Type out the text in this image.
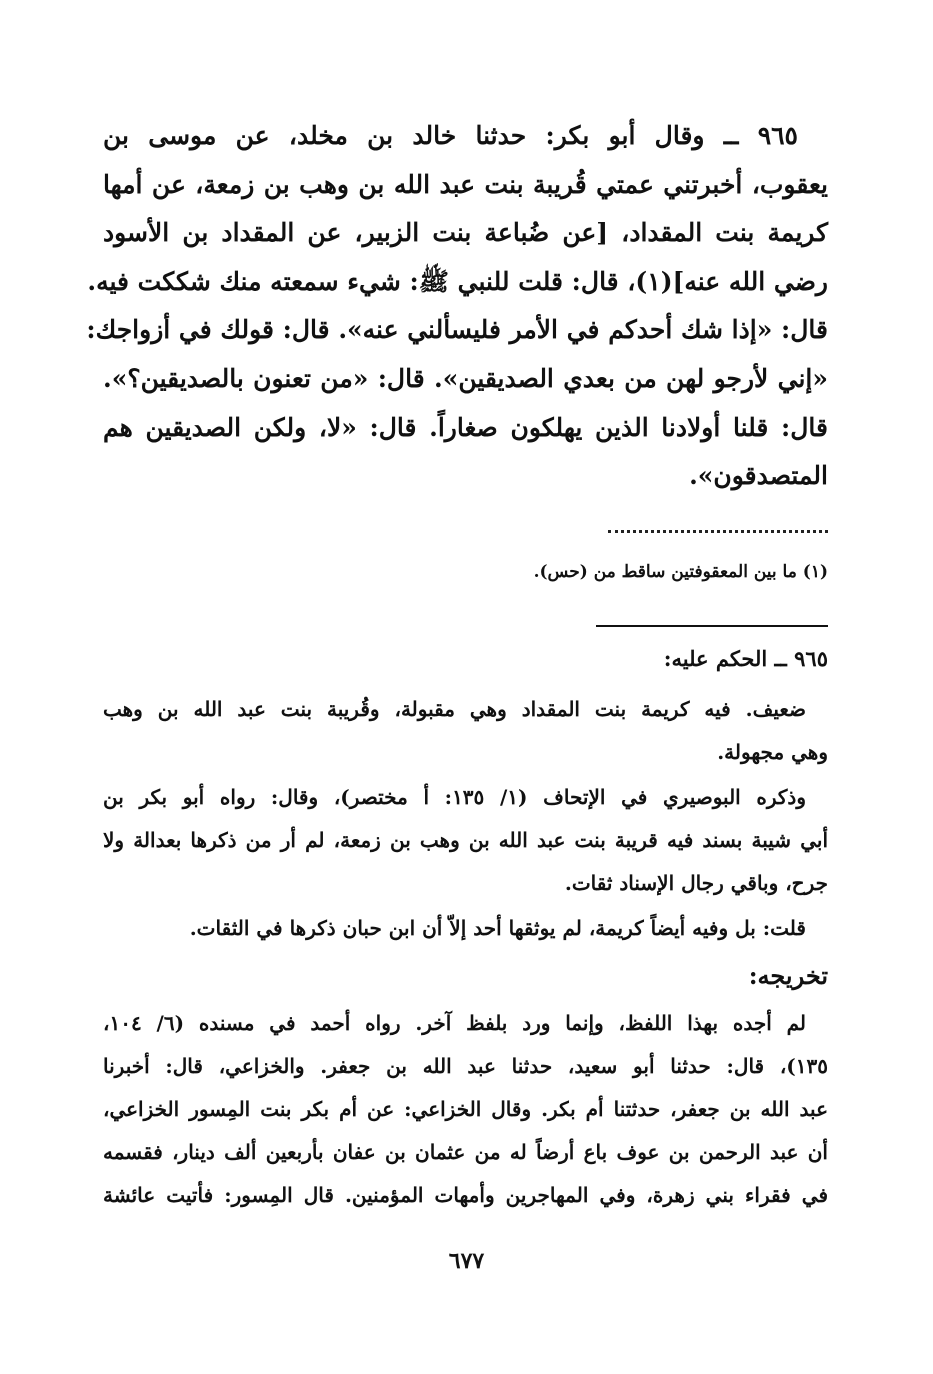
٩٦٥ ــ وقال أبو بكر: حدثنا خالد بن مخلد، عن موسى بن
يعقوب، أخبرتني عمتي قُريبة بنت عبد الله بن وهب بن زمعة، عن أمها
كريمة بنت المقداد، [عن ضُباعة بنت الزبير، عن المقداد بن الأسود
رضي الله عنه](١)، قال: قلت للنبي ﷺ: شيء سمعته منك شككت فيه.
قال: «إذا شك أحدكم في الأمر فليسألني عنه». قال: قولك في أزواجك:
«إني لأرجو لهن من بعدي الصديقين». قال: «من تعنون بالصديقين؟».
قال: قلنا أولادنا الذين يهلكون صغاراً. قال: «لا، ولكن الصديقين هم
المتصدقون».
(١) ما بين المعقوفتين ساقط من (حس).
٩٦٥ ــ الحكم عليه:
ضعيف. فيه كريمة بنت المقداد وهي مقبولة، وقُريبة بنت عبد الله بن وهب
وهي مجهولة.
وذكره البوصيري في الإتحاف (١/ ١٣٥: أ مختصر)، وقال: رواه أبو بكر بن
أبي شيبة بسند فيه قريبة بنت عبد الله بن وهب بن زمعة، لم أر من ذكرها بعدالة ولا
جرح، وباقي رجال الإسناد ثقات.
قلت: بل وفيه أيضاً كريمة، لم يوثقها أحد إلاّ أن ابن حبان ذكرها في الثقات.
تخريجه:
لم أجده بهذا اللفظ، وإنما ورد بلفظ آخر. رواه أحمد في مسنده (٦/ ١٠٤،
١٣٥)، قال: حدثنا أبو سعيد، حدثنا عبد الله بن جعفر. والخزاعي، قال: أخبرنا
عبد الله بن جعفر، حدثتنا أم بكر. وقال الخزاعي: عن أم بكر بنت المِسور الخزاعي،
أن عبد الرحمن بن عوف باع أرضاً له من عثمان بن عفان بأربعين ألف دينار، فقسمه
في فقراء بني زهرة، وفي المهاجرين وأمهات المؤمنين. قال المِسور: فأتيت عائشة
٦٧٧
